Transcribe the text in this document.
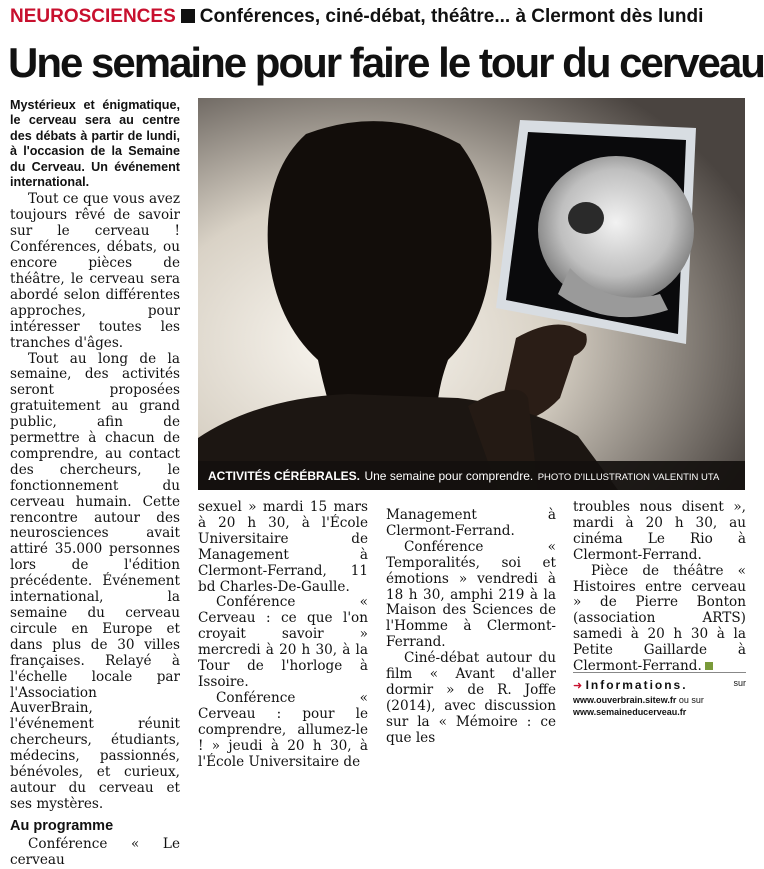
NEUROSCIENCES Conférences, ciné-débat, théâtre... à Clermont dès lundi
Une semaine pour faire le tour du cerveau

Mystérieux et énigmatique, le cerveau sera au centre des débats à partir de lundi, à l'occasion de la Semaine du Cerveau. Un événement international.

Tout ce que vous avez toujours rêvé de savoir sur le cerveau ! Conférences, débats, ou encore pièces de théâtre, le cerveau sera abordé selon différentes approches, pour intéresser toutes les tranches d'âges.

Tout au long de la semaine, des activités seront proposées gratuitement au grand public, afin de permettre à chacun de comprendre, au contact des chercheurs, le fonctionnement du cerveau humain. Cette rencontre autour des neurosciences avait attiré 35.000 personnes lors de l'édition précédente. Événement international, la semaine du cerveau circule en Europe et dans plus de 30 villes françaises. Relayé à l'échelle locale par l'Association AuverBrain, l'événement réunit chercheurs, étudiants, médecins, passionnés, bénévoles, et curieux, autour du cerveau et ses mystères.

Au programme

Conférence « Le cerveau

ACTIVITÉS CÉRÉBRALES. Une semaine pour comprendre. PHOTO D'ILLUSTRATION VALENTIN UTA

sexuel » mardi 15 mars à 20 h 30, à l'École Universitaire de Management à Clermont-Ferrand, 11 bd Charles-De-Gaulle.

Conférence « Cerveau : ce que l'on croyait savoir » mercredi à 20 h 30, à la Tour de l'horloge à Issoire.

Conférence « Cerveau : pour le comprendre, allumez-le ! » jeudi à 20 h 30, à l'École Universitaire de

Management à Clermont-Ferrand.

Conférence « Temporalités, soi et émotions » vendredi à 18 h 30, amphi 219 à la Maison des Sciences de l'Homme à Clermont-Ferrand.

Ciné-débat autour du film « Avant d'aller dormir » de R. Joffe (2014), avec discussion sur la « Mémoire : ce que les

troubles nous disent », mardi à 20 h 30, au cinéma Le Rio à Clermont-Ferrand.

Pièce de théâtre « Histoires entre cerveau » de Pierre Bonton (association ARTS) samedi à 20 h 30 à la Petite Gaillarde à Clermont-Ferrand.

➜ Informations.	sur
www.ouverbrain.sitew.fr ou sur www.semaineducerveau.fr
